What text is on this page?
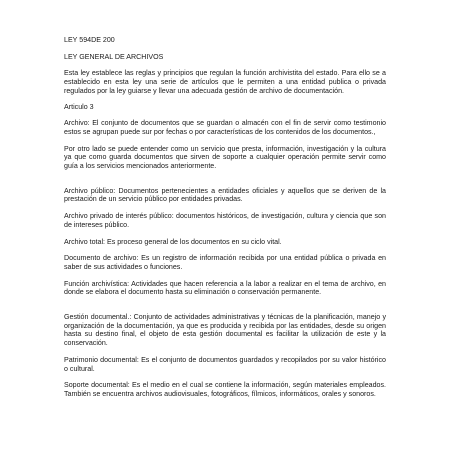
LEY 594DE 200

LEY GENERAL DE ARCHIVOS

Esta ley establece las reglas y principios que regulan la función archivistita del estado. Para ello se a establecido en esta ley una serie de artículos que le permiten a una entidad publica o privada regulados por la ley guiarse y llevar una adecuada gestión de archivo de documentación.

Articulo 3

Archivo: El conjunto de documentos que se guardan o almacén con el fin de servir como testimonio estos se agrupan puede sur por fechas o por características de los contenidos de los documentos.,

Por otro lado se puede entender como un servicio que presta, información, investigación y la cultura ya que como guarda documentos que sirven de soporte a cualquier operación permite servir como guía a los servicios mencionados anteriormente.

Archivo público: Documentos pertenecientes a entidades oficiales y aquellos que se deriven de la prestación de un servicio público por entidades privadas.

Archivo privado de interés público: documentos históricos, de investigación, cultura y ciencia que son de intereses público.

Archivo total: Es proceso general de los documentos en su ciclo vital.

Documento de archivo: Es un registro de información recibida por una entidad pública o privada en saber de sus actividades o funciones.

Función archivística: Actividades que hacen referencia a la labor a realizar en el tema de archivo, en donde se elabora el documento hasta su eliminación o conservación permanente.

Gestión documental.: Conjunto de actividades administrativas y técnicas de la planificación, manejo y organización de la documentación, ya que es producida y recibida por las entidades, desde su origen hasta su destino final, el objeto de esta gestión documental es facilitar la utilización de este y la conservación.

Patrimonio documental: Es el conjunto de documentos guardados y recopilados por su valor histórico o cultural.

Soporte documental: Es el medio en el cual se contiene la información, según materiales empleados. También se encuentra archivos audiovisuales, fotográficos, fílmicos, informáticos, orales y sonoros.
